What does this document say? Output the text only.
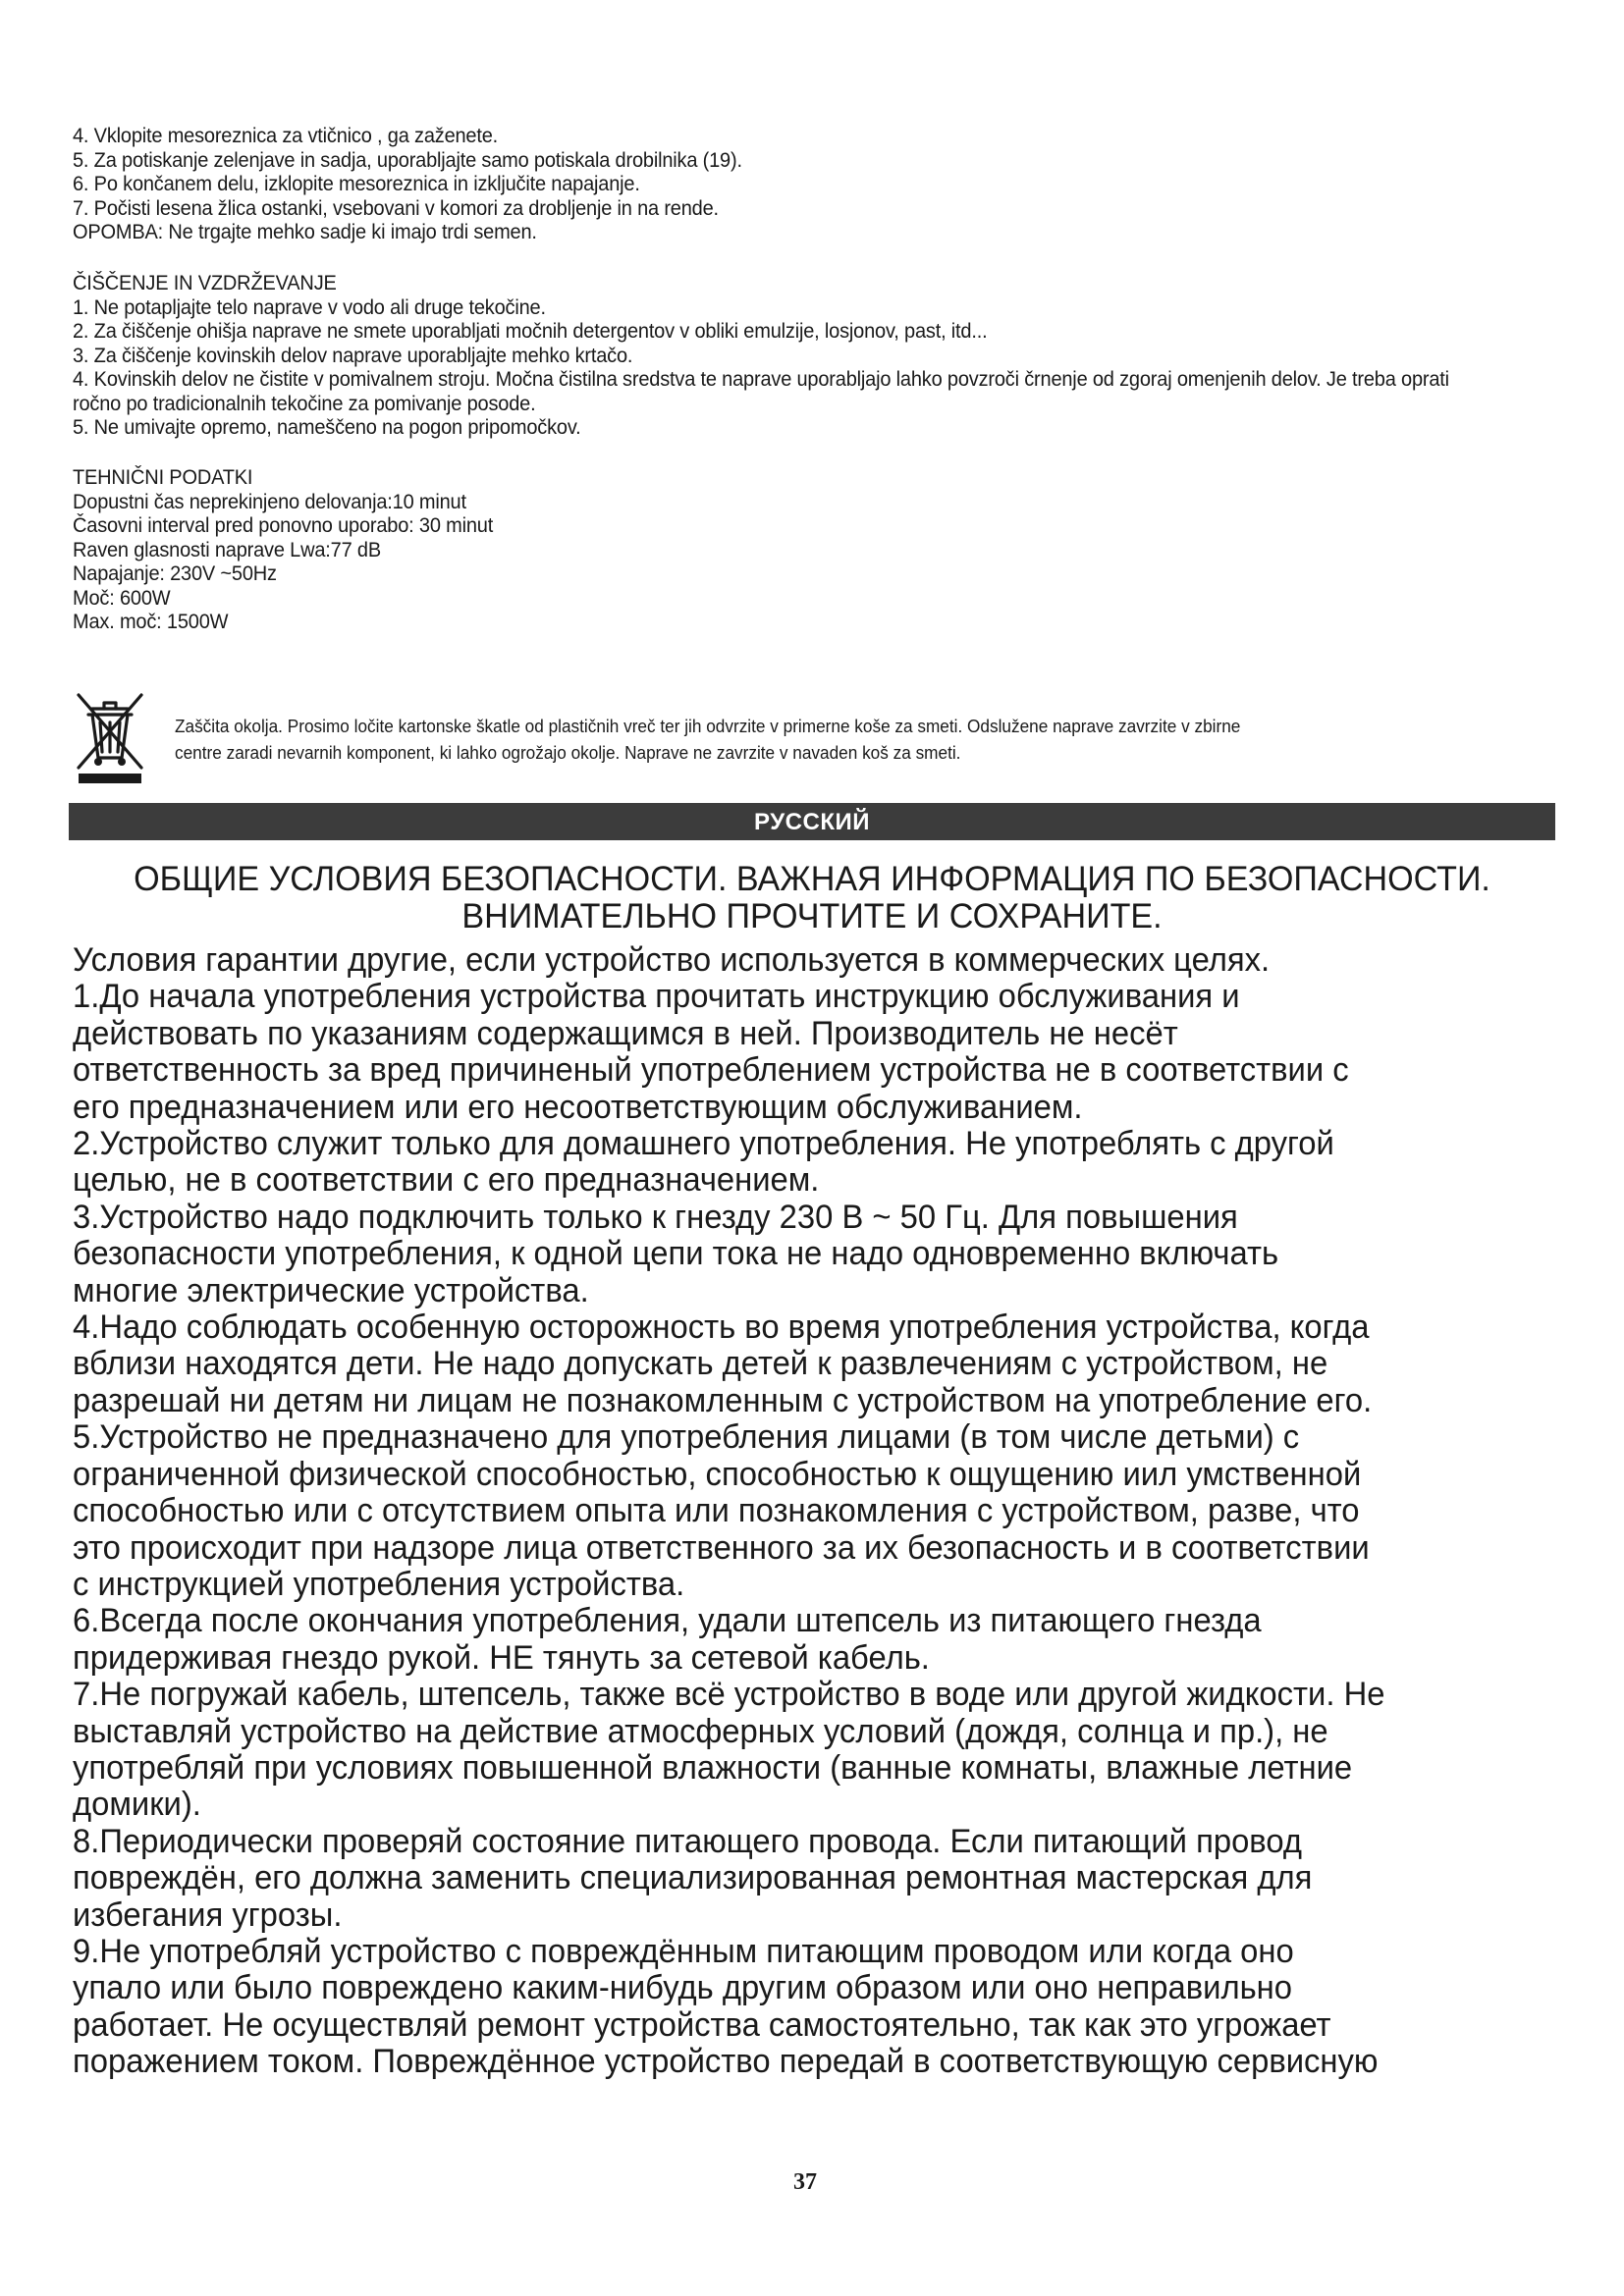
4. Vklopite mesoreznica za vtičnico , ga zaženete.

5. Za potiskanje zelenjave in sadja, uporabljajte samo potiskala drobilnika (19).

6. Po končanem delu, izklopite mesoreznica in izključite napajanje.

7. Počisti lesena žlica ostanki, vsebovani v komori za drobljenje in na rende.

OPOMBA: Ne trgajte mehko sadje ki imajo trdi semen.

ČIŠČENJE IN VZDRŽEVANJE

1. Ne potapljajte telo naprave v vodo ali druge tekočine.

2. Za čiščenje ohišja naprave ne smete uporabljati močnih detergentov v obliki emulzije, losjonov, past, itd...

3. Za čiščenje kovinskih delov naprave uporabljajte mehko krtačo.

4. Kovinskih delov ne čistite v pomivalnem stroju. Močna čistilna sredstva te naprave uporabljajo lahko povzroči črnenje od zgoraj omenjenih delov. Je treba oprati ročno po tradicionalnih tekočine za pomivanje posode.

5. Ne umivajte opremo, nameščeno na pogon pripomočkov.

TEHNIČNI PODATKI

Dopustni čas neprekinjeno delovanja:10 minut

Časovni interval pred ponovno uporabo: 30 minut

Raven glasnosti naprave Lwa:77 dB

Napajanje: 230V ~50Hz

Moč: 600W

Max. moč: 1500W

Zaščita okolja. Prosimo ločite kartonske škatle od plastičnih vreč ter jih odvrzite v primerne koše za smeti. Odslužene naprave zavrzite v zbirne

centre zaradi nevarnih komponent, ki lahko ogrožajo okolje. Naprave ne zavrzite v navaden koš za smeti.

РУССКИЙ

ОБЩИЕ УСЛОВИЯ БЕЗОПАСНОСТИ. ВАЖНАЯ ИНФОРМАЦИЯ ПО БЕЗОПАСНОСТИ.

ВНИМАТЕЛЬНО ПРОЧТИТЕ И СОХРАНИТЕ.

Условия гарантии другие, если устройство используется в коммерческих целях.

1.До начала употребления устройства прочитать инструкцию обслуживания и

действовать по указаниям содержащимся в ней. Производитель не несёт

ответственность за вред причиненый употреблением устройства не в соответствии с

его предназначением или его несоответствующим обслуживанием.

2.Устройство служит только для домашнего употребления. Не употреблять с другой

целью, не в соответствии с его предназначением.

3.Устройство надо подключить только к гнезду 230 В ~ 50 Гц. Для повышения

безопасности употребления, к одной цепи тока не надо одновременно включать

многие электрические устройства.

4.Надо соблюдать особенную осторожность во время употребления устройства, когда

вблизи находятся дети. Не надо допускать детей к развлечениям с устройством, не

разрешай ни детям ни лицам не познакомленным с устройством на употребление его.

5.Устройство не предназначено для употребления лицами (в том числе детьми) с

ограниченной физической способностью, способностью к ощущению иил умственной

способностью или с отсутствием опыта или познакомления с устройством, разве, что

это происходит при надзоре лица ответственного за их безопасность и в соответствии

с инструкцией употребления устройства.

6.Всегда после окончания употребления, удали штепсель из питающего гнезда

придерживая гнездо рукой. НЕ тянуть за сетевой кабель.

7.Не погружай кабель, штепсель, также всё устройство в воде или другой жидкости. Не

выставляй устройство на действие атмосферных условий (дождя, солнца и пр.), не

употребляй при условиях повышенной влажности (ванные комнаты, влажные летние

домики).

8.Периодически проверяй состояние питающего провода. Если питающий провод

повреждён, его должна заменить специализированная ремонтная мастерская для

избегания угрозы.

9.Не употребляй устройство с повреждённым питающим проводом или когда оно

упало или было повреждено каким-нибудь другим образом или оно неправильно

работает. Не осуществляй ремонт устройства самостоятельно, так как это угрожает

поражением током. Повреждённое устройство передай в соответствующую сервисную

37
